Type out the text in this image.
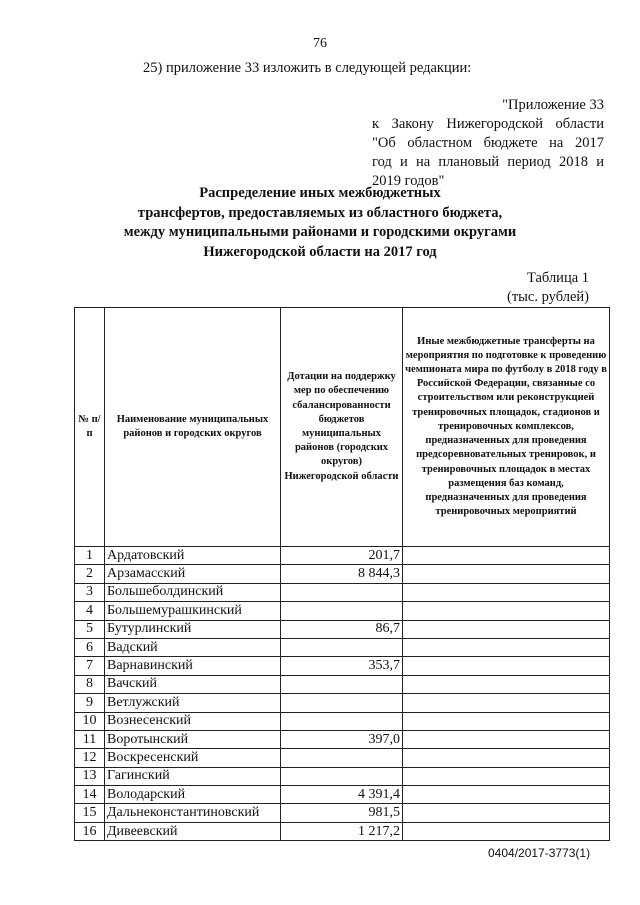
76
25) приложение 33 изложить в следующей редакции:
"Приложение 33
к Закону Нижегородской области
"Об областном бюджете на 2017
год и на плановый период 2018 и
2019 годов"
Распределение иных межбюджетных
трансфертов, предоставляемых из областного бюджета,
между муниципальными районами и городскими округами
Нижегородской области на 2017 год
Таблица 1
(тыс. рублей)
№ п/п	Наименование муниципальных районов и городских округов	Дотации на поддержку мер по обеспечению сбалансированности бюджетов муниципальных районов (городских округов) Нижегородской области	Иные межбюджетные трансферты на мероприятия по подготовке к проведению чемпионата мира по футболу в 2018 году в Российской Федерации, связанные со строительством или реконструкцией тренировочных площадок, стадионов и тренировочных комплексов, предназначенных для проведения предсоревновательных тренировок, и тренировочных площадок в местах размещения баз команд, предназначенных для проведения тренировочных мероприятий
1	Ардатовский	201,7	
2	Арзамасский	8 844,3	
3	Большеболдинский		
4	Большемурашкинский		
5	Бутурлинский	86,7	
6	Вадский		
7	Варнавинский	353,7	
8	Вачский		
9	Ветлужский		
10	Вознесенский		
11	Воротынский	397,0	
12	Воскресенский		
13	Гагинский		
14	Володарский	4 391,4	
15	Дальнеконстантиновский	981,5	
16	Дивеевский	1 217,2	
0404/2017-3773(1)
